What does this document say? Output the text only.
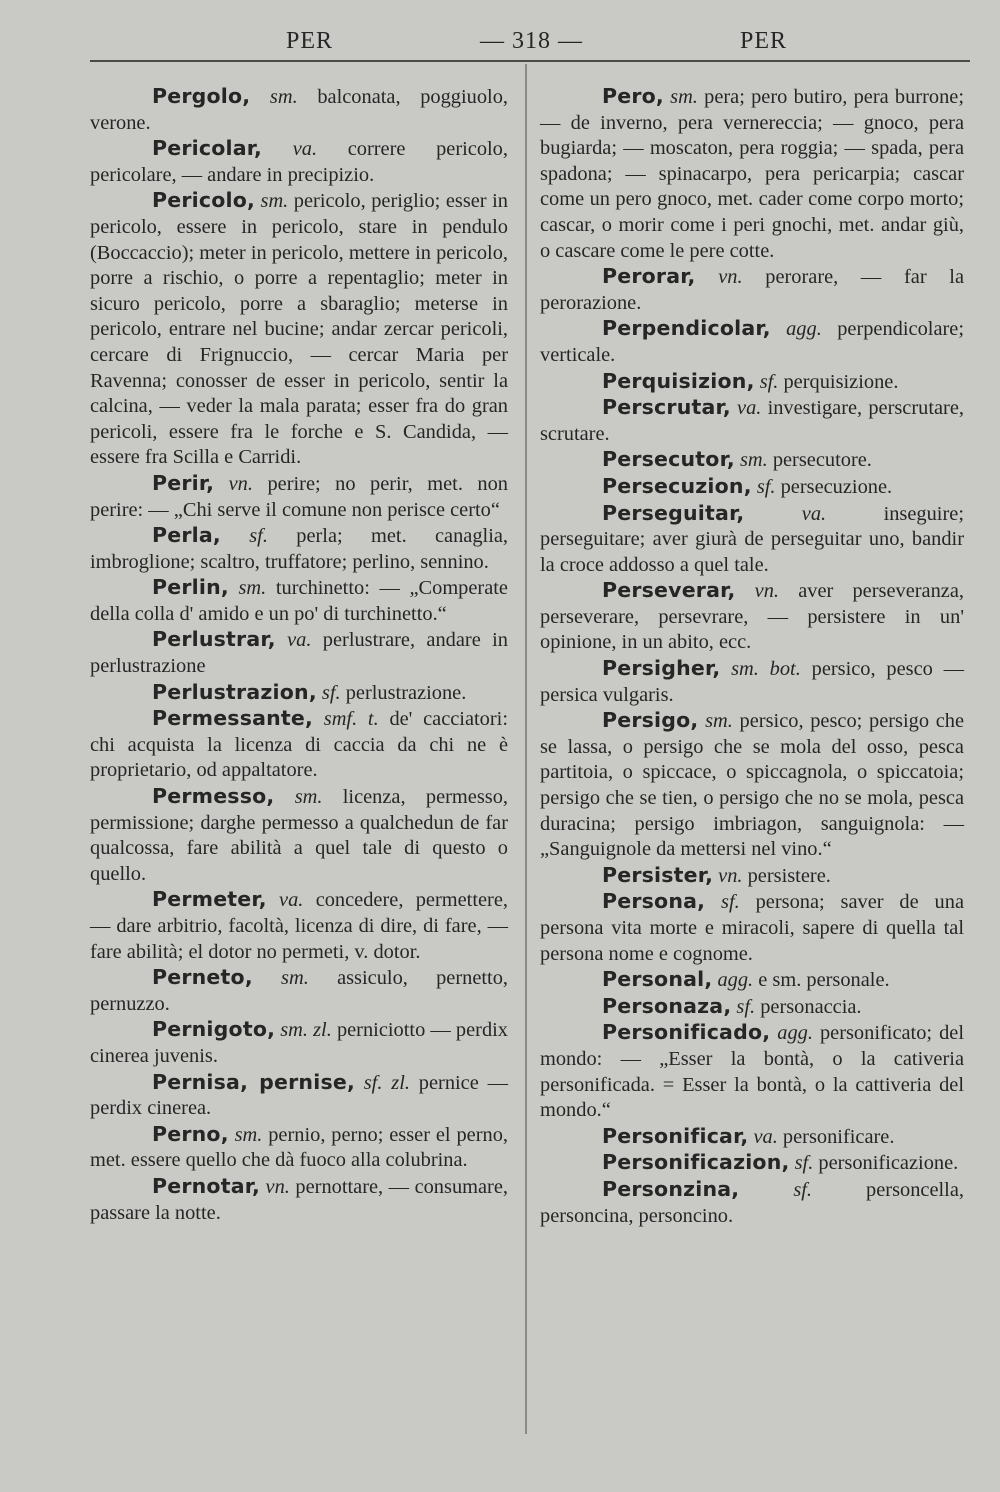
PER	— 318 —	PER

Pergolo, sm. balconata, poggiuolo, verone.

Pericolar, va. correre pericolo, pericolare, — andare in precipizio.

Pericolo, sm. pericolo, periglio; esser in pericolo, essere in pericolo, stare in pendulo (Boccaccio); meter in pericolo, mettere in pericolo, porre a rischio, o porre a repentaglio; meter in sicuro pericolo, porre a sbaraglio; meterse in pericolo, entrare nel bucine; andar zercar pericoli, cercare di Frignuccio, — cercar Maria per Ravenna; conosser de esser in pericolo, sentir la calcina, — veder la mala parata; esser fra do gran pericoli, essere fra le forche e S. Candida, — essere fra Scilla e Carridi.

Perir, vn. perire; no perir, met. non perire: — „Chi serve il comune non perisce certo“

Perla, sf. perla; met. canaglia, imbroglione; scaltro, truffatore; perlino, sennino.

Perlin, sm. turchinetto: — „Comperate della colla d' amido e un po' di turchinetto.“

Perlustrar, va. perlustrare, andare in perlustrazione

Perlustrazion, sf. perlustrazione.

Permessante, smf. t. de' cacciatori: chi acquista la licenza di caccia da chi ne è proprietario, od appaltatore.

Permesso, sm. licenza, permesso, permissione; darghe permesso a qualchedun de far qualcossa, fare abilità a quel tale di questo o quello.

Permeter, va. concedere, permettere, — dare arbitrio, facoltà, licenza di dire, di fare, — fare abilità; el dotor no permeti, v. dotor.

Perneto, sm. assiculo, pernetto, pernuzzo.

Pernigoto, sm. zl. perniciotto — perdix cinerea juvenis.

Pernisa, pernise, sf. zl. pernice — perdix cinerea.

Perno, sm. pernio, perno; esser el perno, met. essere quello che dà fuoco alla colubrina.

Pernotar, vn. pernottare, — consumare, passare la notte.

Pero, sm. pera; pero butiro, pera burrone; — de inverno, pera vernereccia; — gnoco, pera bugiarda; — moscaton, pera roggia; — spada, pera spadona; — spinacarpo, pera pericarpia; cascar come un pero gnoco, met. cader come corpo morto; cascar, o morir come i peri gnochi, met. andar giù, o cascare come le pere cotte.

Perorar, vn. perorare, — far la perorazione.

Perpendicolar, agg. perpendicolare; verticale.

Perquisizion, sf. perquisizione.

Perscrutar, va. investigare, perscrutare, scrutare.

Persecutor, sm. persecutore.

Persecuzion, sf. persecuzione.

Perseguitar, va. inseguire; perseguitare; aver giurà de perseguitar uno, bandir la croce addosso a quel tale.

Perseverar, vn. aver perseveranza, perseverare, persevrare, — persistere in un' opinione, in un abito, ecc.

Persigher, sm. bot. persico, pesco — persica vulgaris.

Persigo, sm. persico, pesco; persigo che se lassa, o persigo che se mola del osso, pesca partitoia, o spiccace, o spiccagnola, o spiccatoia; persigo che se tien, o persigo che no se mola, pesca duracina; persigo imbriagon, sanguignola: — „Sanguignole da mettersi nel vino.“

Persister, vn. persistere.

Persona, sf. persona; saver de una persona vita morte e miracoli, sapere di quella tal persona nome e cognome.

Personal, agg. e sm. personale.

Personaza, sf. personaccia.

Personificado, agg. personificato; del mondo: — „Esser la bontà, o la cativeria personificada. = Esser la bontà, o la cattiveria del mondo.“

Personificar, va. personificare.

Personificazion, sf. personificazione.

Personzina, sf. personcella, personcina, personcino.
